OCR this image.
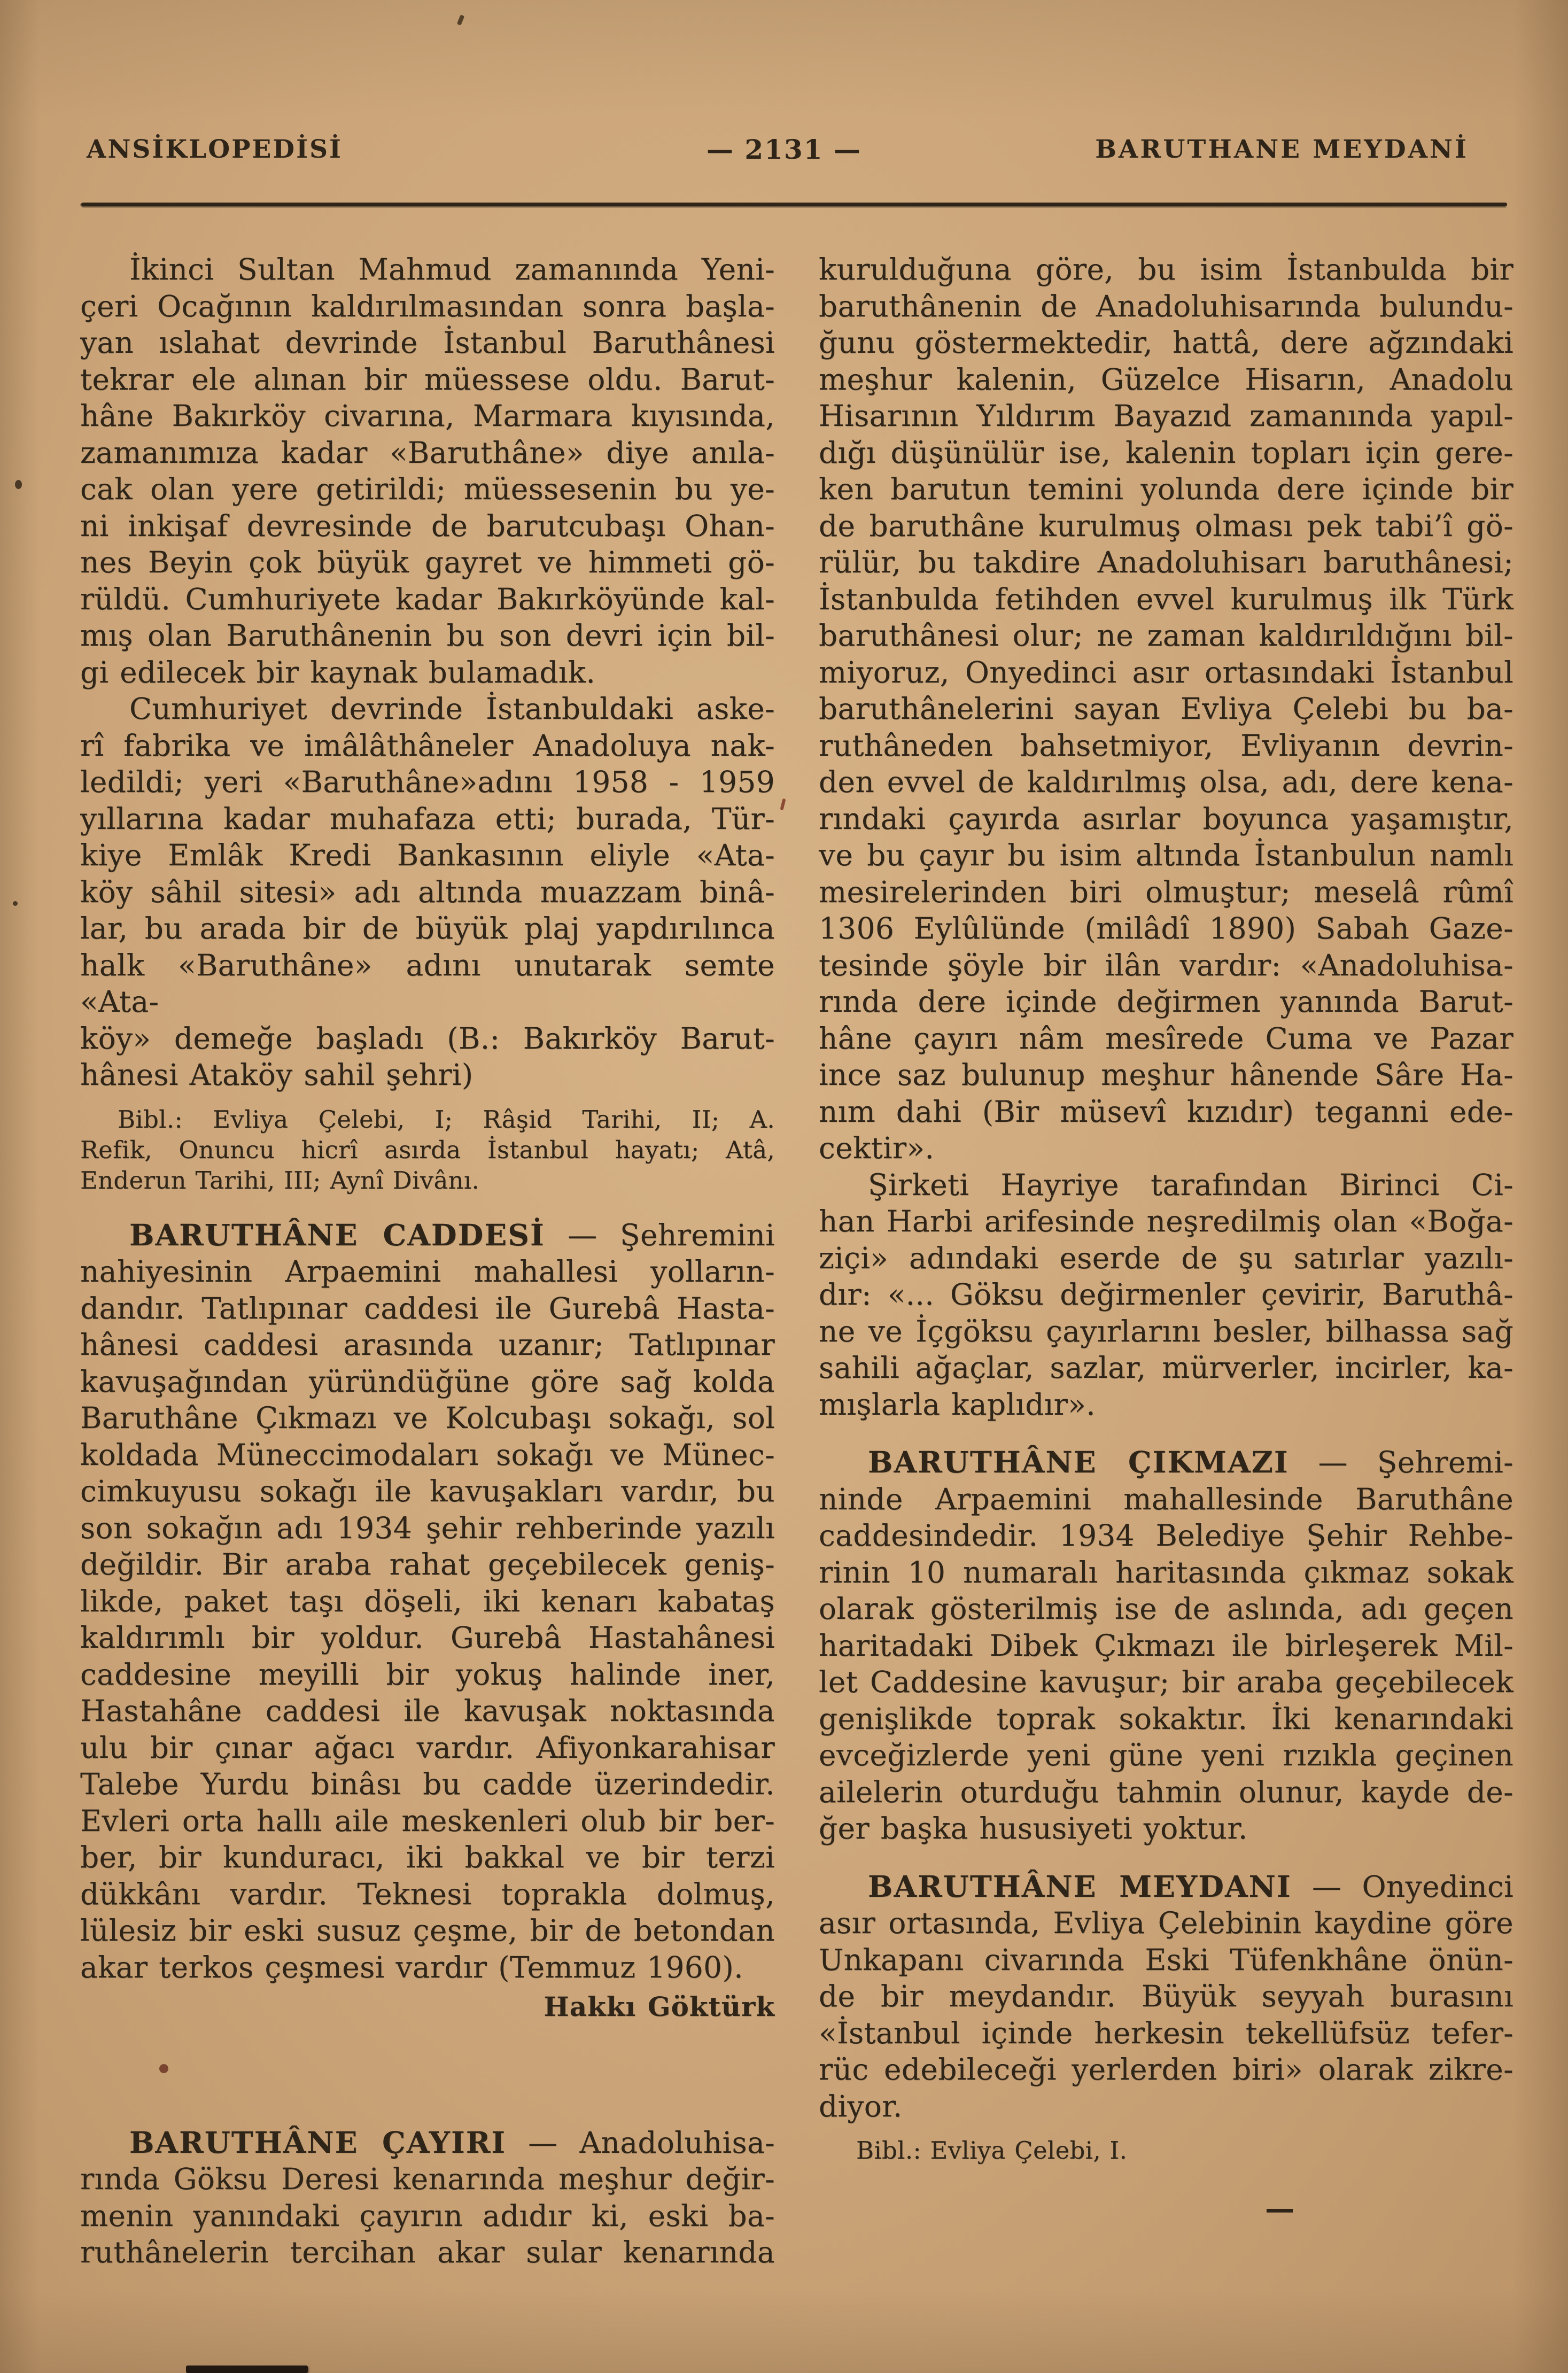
ANSİKLOPEDİSİ	— 2131 —	BARUTHANE MEYDANİ
İkinci Sultan Mahmud zamanında Yeni-
çeri Ocağının kaldırılmasından sonra başla-
yan ıslahat devrinde İstanbul Baruthânesi
tekrar ele alınan bir müessese oldu. Barut-
hâne Bakırköy civarına, Marmara kıyısında,
zamanımıza kadar «Baruthâne» diye anıla-
cak olan yere getirildi; müessesenin bu ye-
ni inkişaf devresinde de barutcubaşı Ohan-
nes Beyin çok büyük gayret ve himmeti gö-
rüldü. Cumhuriyete kadar Bakırköyünde kal-
mış olan Baruthânenin bu son devri için bil-
gi edilecek bir kaynak bulamadık.
Cumhuriyet devrinde İstanbuldaki aske-
rî fabrika ve imâlâthâneler Anadoluya nak-
ledildi; yeri «Baruthâne»adını 1958 - 1959
yıllarına kadar muhafaza etti; burada, Tür-
kiye Emlâk Kredi Bankasının eliyle «Ata-
köy sâhil sitesi» adı altında muazzam binâ-
lar, bu arada bir de büyük plaj yapdırılınca
halk «Baruthâne» adını unutarak semte «Ata-
köy» demeğe başladı (B.: Bakırköy Barut-
hânesi Ataköy sahil şehri)
Bibl.: Evliya Çelebi, I; Râşid Tarihi, II; A.
Refik, Onuncu hicrî asırda İstanbul hayatı; Atâ,
Enderun Tarihi, III; Aynî Divânı.
BARUTHÂNE CADDESİ — Şehremini
nahiyesinin Arpaemini mahallesi yolların-
dandır. Tatlıpınar caddesi ile Gurebâ Hasta-
hânesi caddesi arasında uzanır; Tatlıpınar
kavuşağından yüründüğüne göre sağ kolda
Baruthâne Çıkmazı ve Kolcubaşı sokağı, sol
koldada Müneccimodaları sokağı ve Münec-
cimkuyusu sokağı ile kavuşakları vardır, bu
son sokağın adı 1934 şehir rehberinde yazılı
değildir. Bir araba rahat geçebilecek geniş-
likde, paket taşı döşeli, iki kenarı kabataş
kaldırımlı bir yoldur. Gurebâ Hastahânesi
caddesine meyilli bir yokuş halinde iner,
Hastahâne caddesi ile kavuşak noktasında
ulu bir çınar ağacı vardır. Afiyonkarahisar
Talebe Yurdu binâsı bu cadde üzerindedir.
Evleri orta hallı aile meskenleri olub bir ber-
ber, bir kunduracı, iki bakkal ve bir terzi
dükkânı vardır. Teknesi toprakla dolmuş,
lülesiz bir eski susuz çeşme, bir de betondan
akar terkos çeşmesi vardır (Temmuz 1960).
Hakkı Göktürk
BARUTHÂNE ÇAYIRI — Anadoluhisa-
rında Göksu Deresi kenarında meşhur değir-
menin yanındaki çayırın adıdır ki, eski ba-
ruthânelerin tercihan akar sular kenarında
kurulduğuna göre, bu isim İstanbulda bir
baruthânenin de Anadoluhisarında bulundu-
ğunu göstermektedir, hattâ, dere ağzındaki
meşhur kalenin, Güzelce Hisarın, Anadolu
Hisarının Yıldırım Bayazıd zamanında yapıl-
dığı düşünülür ise, kalenin topları için gere-
ken barutun temini yolunda dere içinde bir
de baruthâne kurulmuş olması pek tabi’î gö-
rülür, bu takdire Anadoluhisarı baruthânesi;
İstanbulda fetihden evvel kurulmuş ilk Türk
baruthânesi olur; ne zaman kaldırıldığını bil-
miyoruz, Onyedinci asır ortasındaki İstanbul
baruthânelerini sayan Evliya Çelebi bu ba-
ruthâneden bahsetmiyor, Evliyanın devrin-
den evvel de kaldırılmış olsa, adı, dere kena-
rındaki çayırda asırlar boyunca yaşamıştır,
ve bu çayır bu isim altında İstanbulun namlı
mesirelerinden biri olmuştur; meselâ rûmî
1306 Eylûlünde (milâdî 1890) Sabah Gaze-
tesinde şöyle bir ilân vardır: «Anadoluhisa-
rında dere içinde değirmen yanında Barut-
hâne çayırı nâm mesîrede Cuma ve Pazar
ince saz bulunup meşhur hânende Sâre Ha-
nım dahi (Bir müsevî kızıdır) teganni ede-
cektir».
Şirketi Hayriye tarafından Birinci Ci-
han Harbi arifesinde neşredilmiş olan «Boğa-
ziçi» adındaki eserde de şu satırlar yazılı-
dır: «... Göksu değirmenler çevirir, Baruthâ-
ne ve İçgöksu çayırlarını besler, bilhassa sağ
sahili ağaçlar, sazlar, mürverler, incirler, ka-
mışlarla kaplıdır».
BARUTHÂNE ÇIKMAZI — Şehremi-
ninde Arpaemini mahallesinde Baruthâne
caddesindedir. 1934 Belediye Şehir Rehbe-
rinin 10 numaralı haritasında çıkmaz sokak
olarak gösterilmiş ise de aslında, adı geçen
haritadaki Dibek Çıkmazı ile birleşerek Mil-
let Caddesine kavuşur; bir araba geçebilecek
genişlikde toprak sokaktır. İki kenarındaki
evceğizlerde yeni güne yeni rızıkla geçinen
ailelerin oturduğu tahmin olunur, kayde de-
ğer başka hususiyeti yoktur.
BARUTHÂNE MEYDANI — Onyedinci
asır ortasında, Evliya Çelebinin kaydine göre
Unkapanı civarında Eski Tüfenkhâne önün-
de bir meydandır. Büyük seyyah burasını
«İstanbul içinde herkesin tekellüfsüz tefer-
rüc edebileceği yerlerden biri» olarak zikre-
diyor.
Bibl.: Evliya Çelebi, I.
—
